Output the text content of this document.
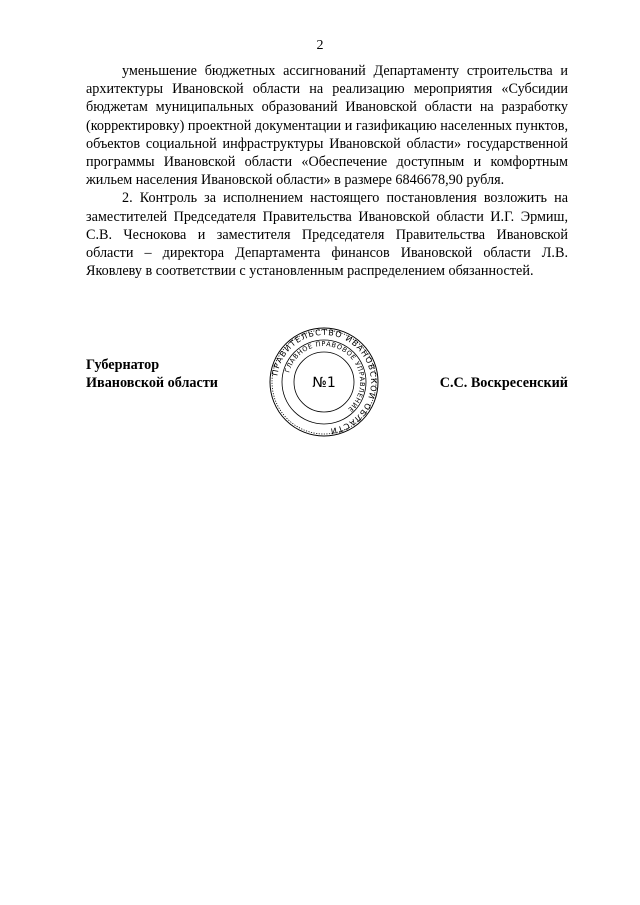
2

уменьшение бюджетных ассигнований Департаменту строительства и архитектуры Ивановской области на реализацию мероприятия «Субсидии бюджетам муниципальных образований Ивановской области на разработку (корректировку) проектной документации и газификацию населенных пунктов, объектов социальной инфраструктуры Ивановской области» государственной программы Ивановской области «Обеспечение доступным и комфортным жильем населения Ивановской области» в размере 6846678,90 рубля.

2. Контроль за исполнением настоящего постановления возложить на заместителей Председателя Правительства Ивановской области И.Г. Эрмиш, С.В. Чеснокова и заместителя Председателя Правительства Ивановской области – директора Департамента финансов Ивановской области Л.В. Яковлеву в соответствии с установленным распределением обязанностей.

Губернатор
Ивановской области
ПРАВИТЕЛЬСТВО ИВАНОВСКОЙ ОБЛАСТИ
ГЛАВНОЕ ПРАВОВОЕ УПРАВЛЕНИЕ
№1	С.С. Воскресенский
